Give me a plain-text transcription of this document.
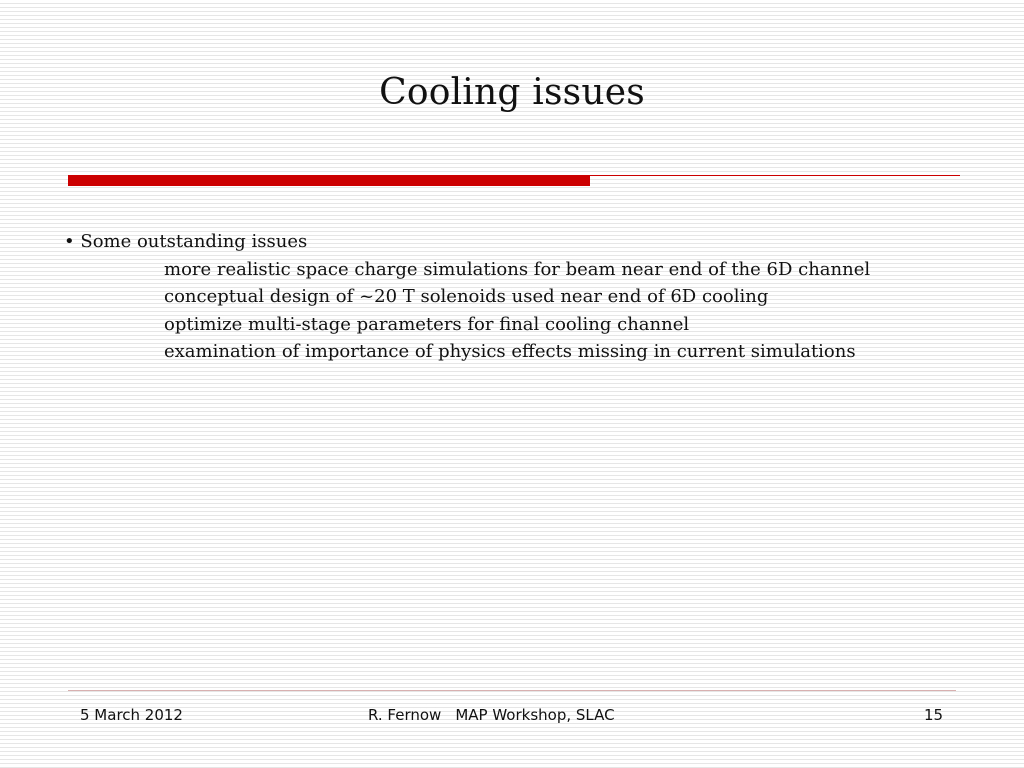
Cooling issues
• Some outstanding issues
more realistic space charge simulations for beam near end of the 6D channel
conceptual design of ~20 T solenoids used near end of 6D cooling
optimize multi-stage parameters for final cooling channel
examination of importance of physics effects missing in current simulations
5 March 2012	R. Fernow MAP Workshop, SLAC	15
